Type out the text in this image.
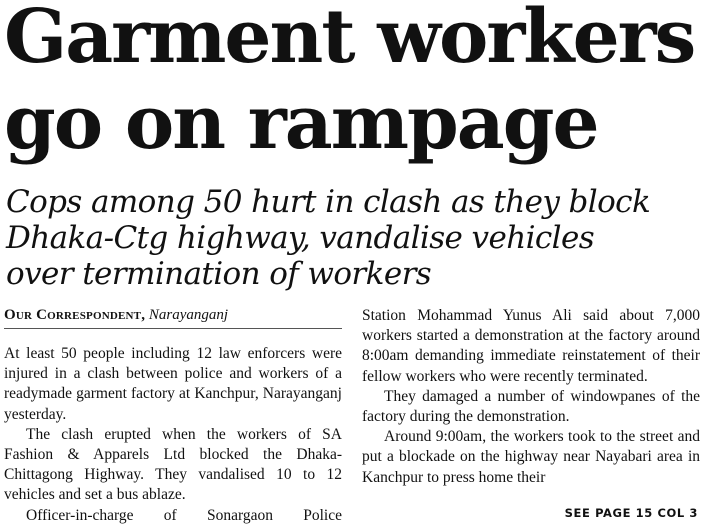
Garment workers
go on rampage
Cops among 50 hurt in clash as they block
Dhaka-Ctg highway, vandalise vehicles
over termination of workers
Our Correspondent, Narayanganj

At least 50 people including 12 law enforcers were injured in a clash between police and workers of a readymade garment factory at Kanchpur, Narayanganj yesterday.

The clash erupted when the workers of SA Fashion & Apparels Ltd blocked the Dhaka-Chittagong Highway. They vandalised 10 to 12 vehicles and set a bus ablaze.

Officer-in-charge of Sonargaon Police

Station Mohammad Yunus Ali said about 7,000 workers started a demonstration at the factory around 8:00am demanding immediate reinstatement of their fellow workers who were recently terminated.

They damaged a number of windowpanes of the factory during the demonstration.

Around 9:00am, the workers took to the street and put a blockade on the highway near Nayabari area in Kanchpur to press home their

SEE PAGE 15 COL 3
